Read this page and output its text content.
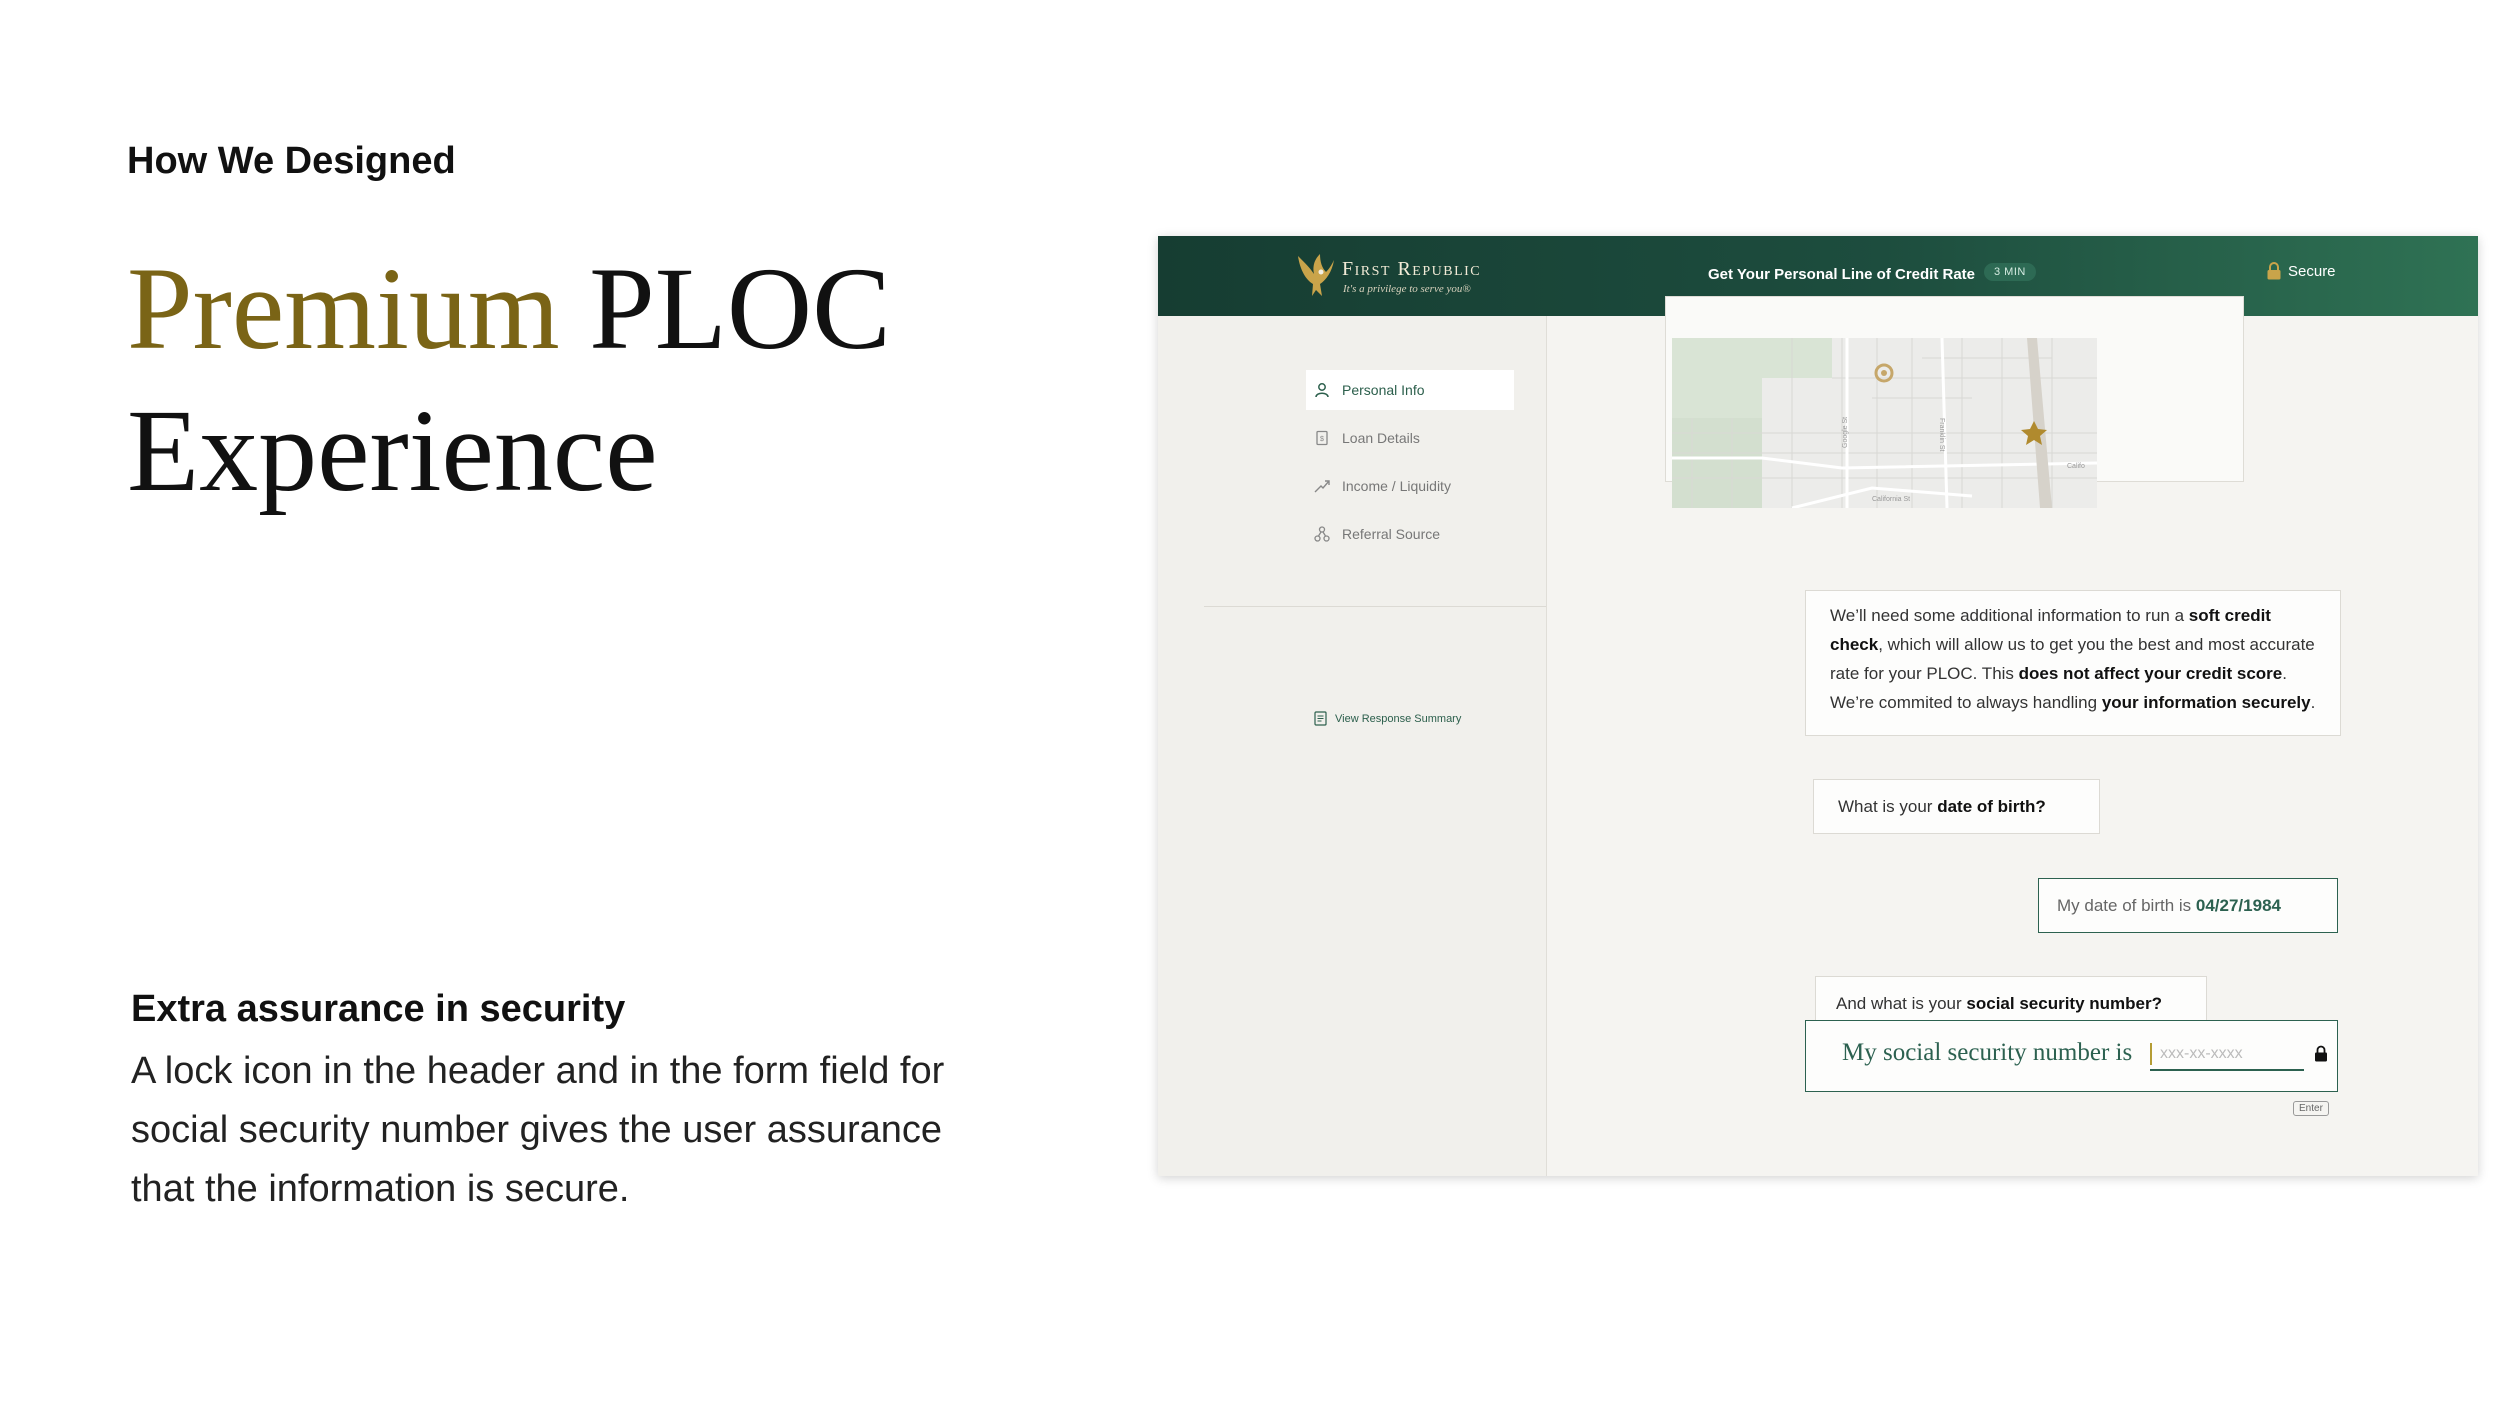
How We Designed
Premium PLOC
Experience
Extra assurance in security
A lock icon in the header and in the form field for social security number gives the user assurance that the information is secure.
First Republic
It's a privilege to serve you®
Get Your Personal Line of Credit Rate	3 MIN	Secure
Personal Info
$ Loan Details
Income / Liquidity
Referral Source
View Response Summary
Google St	Franklin St
California St
Califo
We’ll need some additional information to run a soft credit check, which will allow us to get you the best and most accurate rate for your PLOC. This does not affect your credit score. We’re commited to always handling your information securely.
What is your date of birth?
My date of birth is 04/27/1984
And what is your social security number?
My social security number is xxx-xx-xxxx
Enter
